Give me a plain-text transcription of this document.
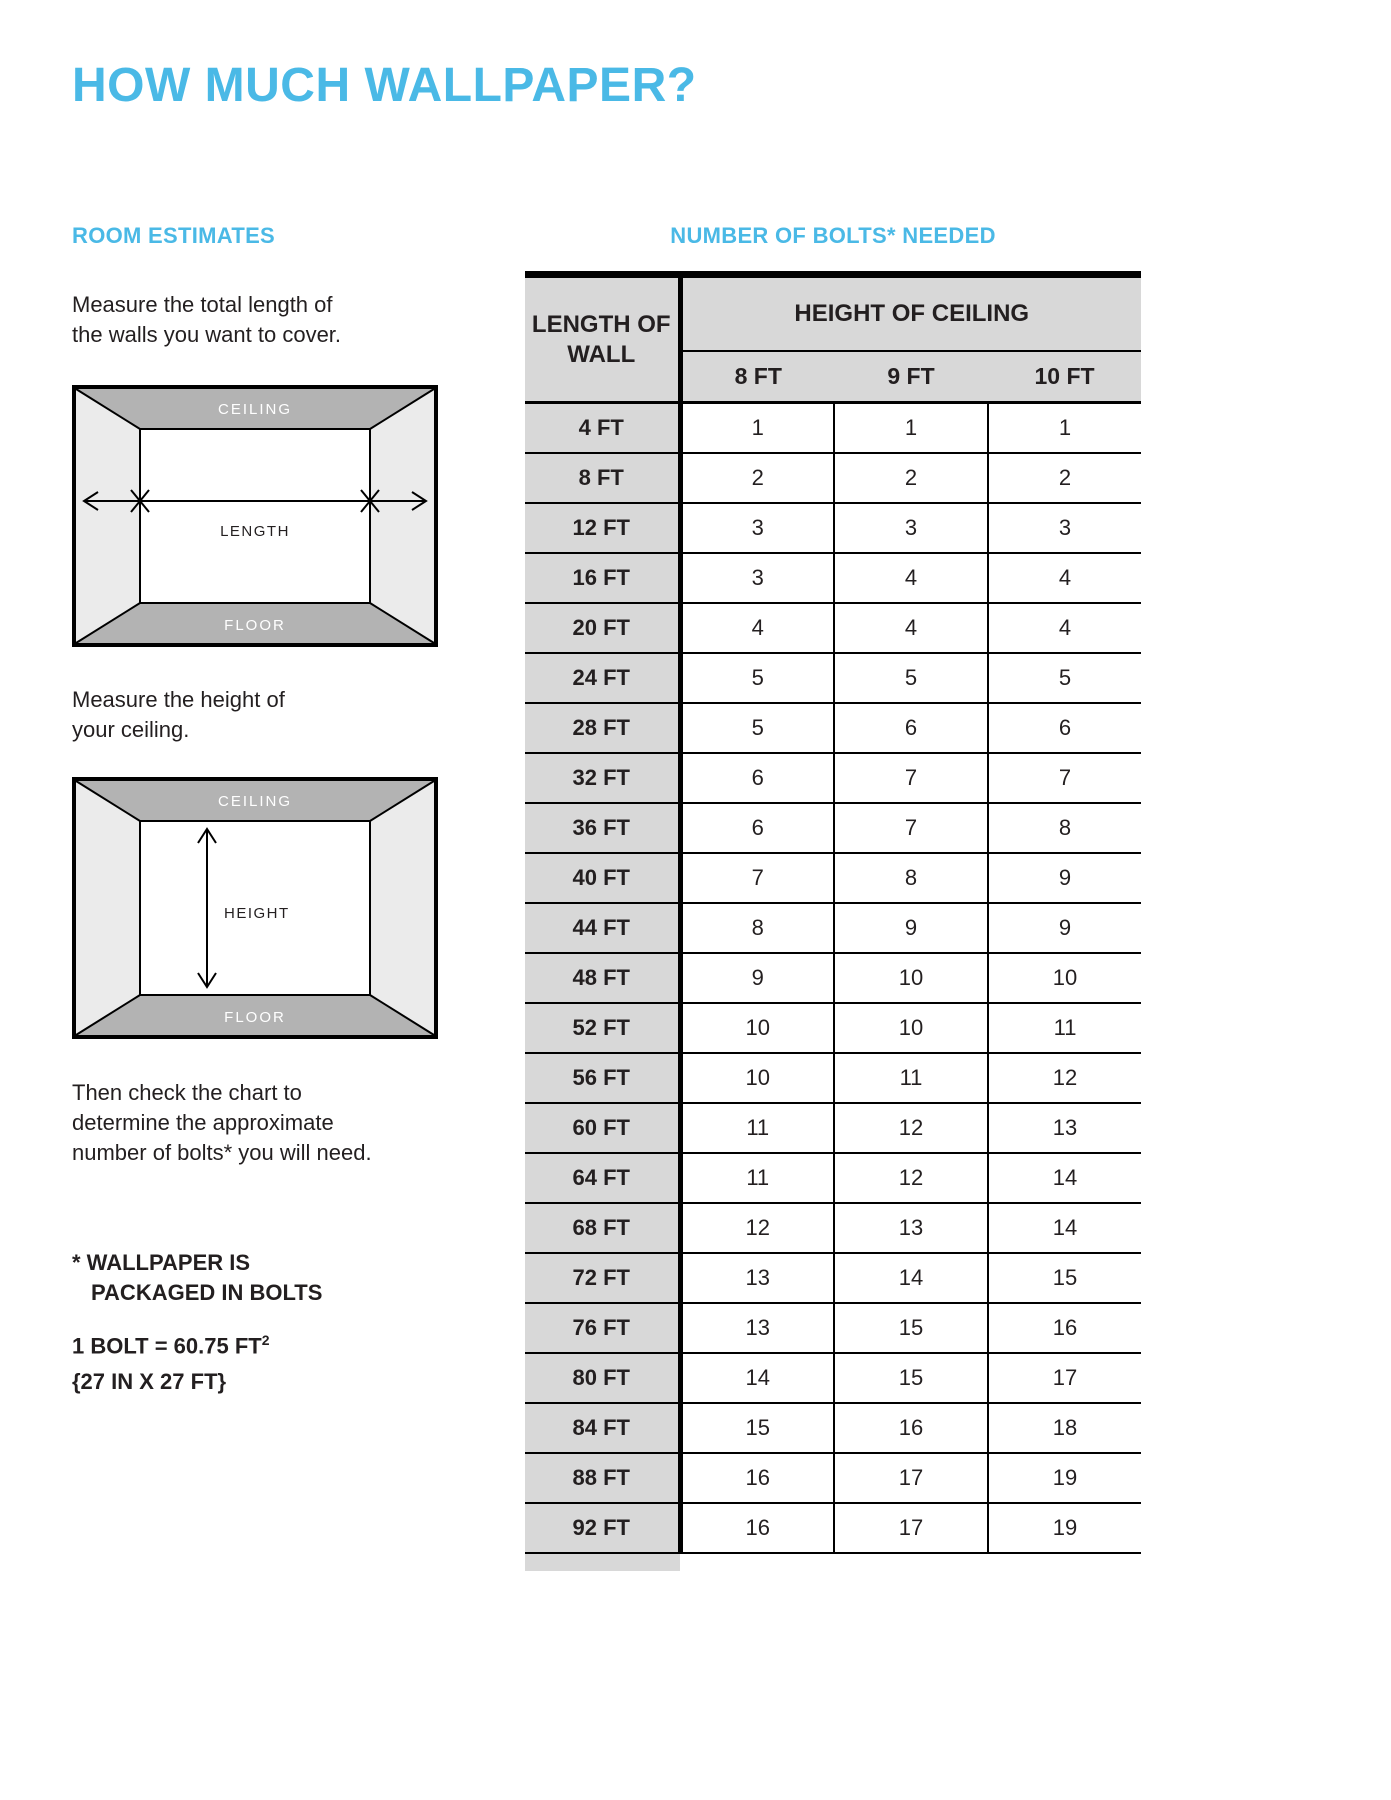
HOW MUCH WALLPAPER?
ROOM ESTIMATES

Measure the total length of
the walls you want to cover.

CEILING
FLOOR
LENGTH

Measure the height of
your ceiling.

CEILING
FLOOR
HEIGHT

Then check the chart to
determine the approximate
number of bolts* you will need.

* WALLPAPER IS
PACKAGED IN BOLTS

1 BOLT = 60.75 $FT^2$

{27 IN X 27 FT}

NUMBER OF BOLTS* NEEDED
LENGTH OF WALL	HEIGHT OF CEILING		
	8 FT	9 FT	10 FT
4 FT	1	1	1
8 FT	2	2	2
12 FT	3	3	3
16 FT	3	4	4
20 FT	4	4	4
24 FT	5	5	5
28 FT	5	6	6
32 FT	6	7	7
36 FT	6	7	8
40 FT	7	8	9
44 FT	8	9	9
48 FT	9	10	10
52 FT	10	10	11
56 FT	10	11	12
60 FT	11	12	13
64 FT	11	12	14
68 FT	12	13	14
72 FT	13	14	15
76 FT	13	15	16
80 FT	14	15	17
84 FT	15	16	18
88 FT	16	17	19
92 FT	16	17	19
